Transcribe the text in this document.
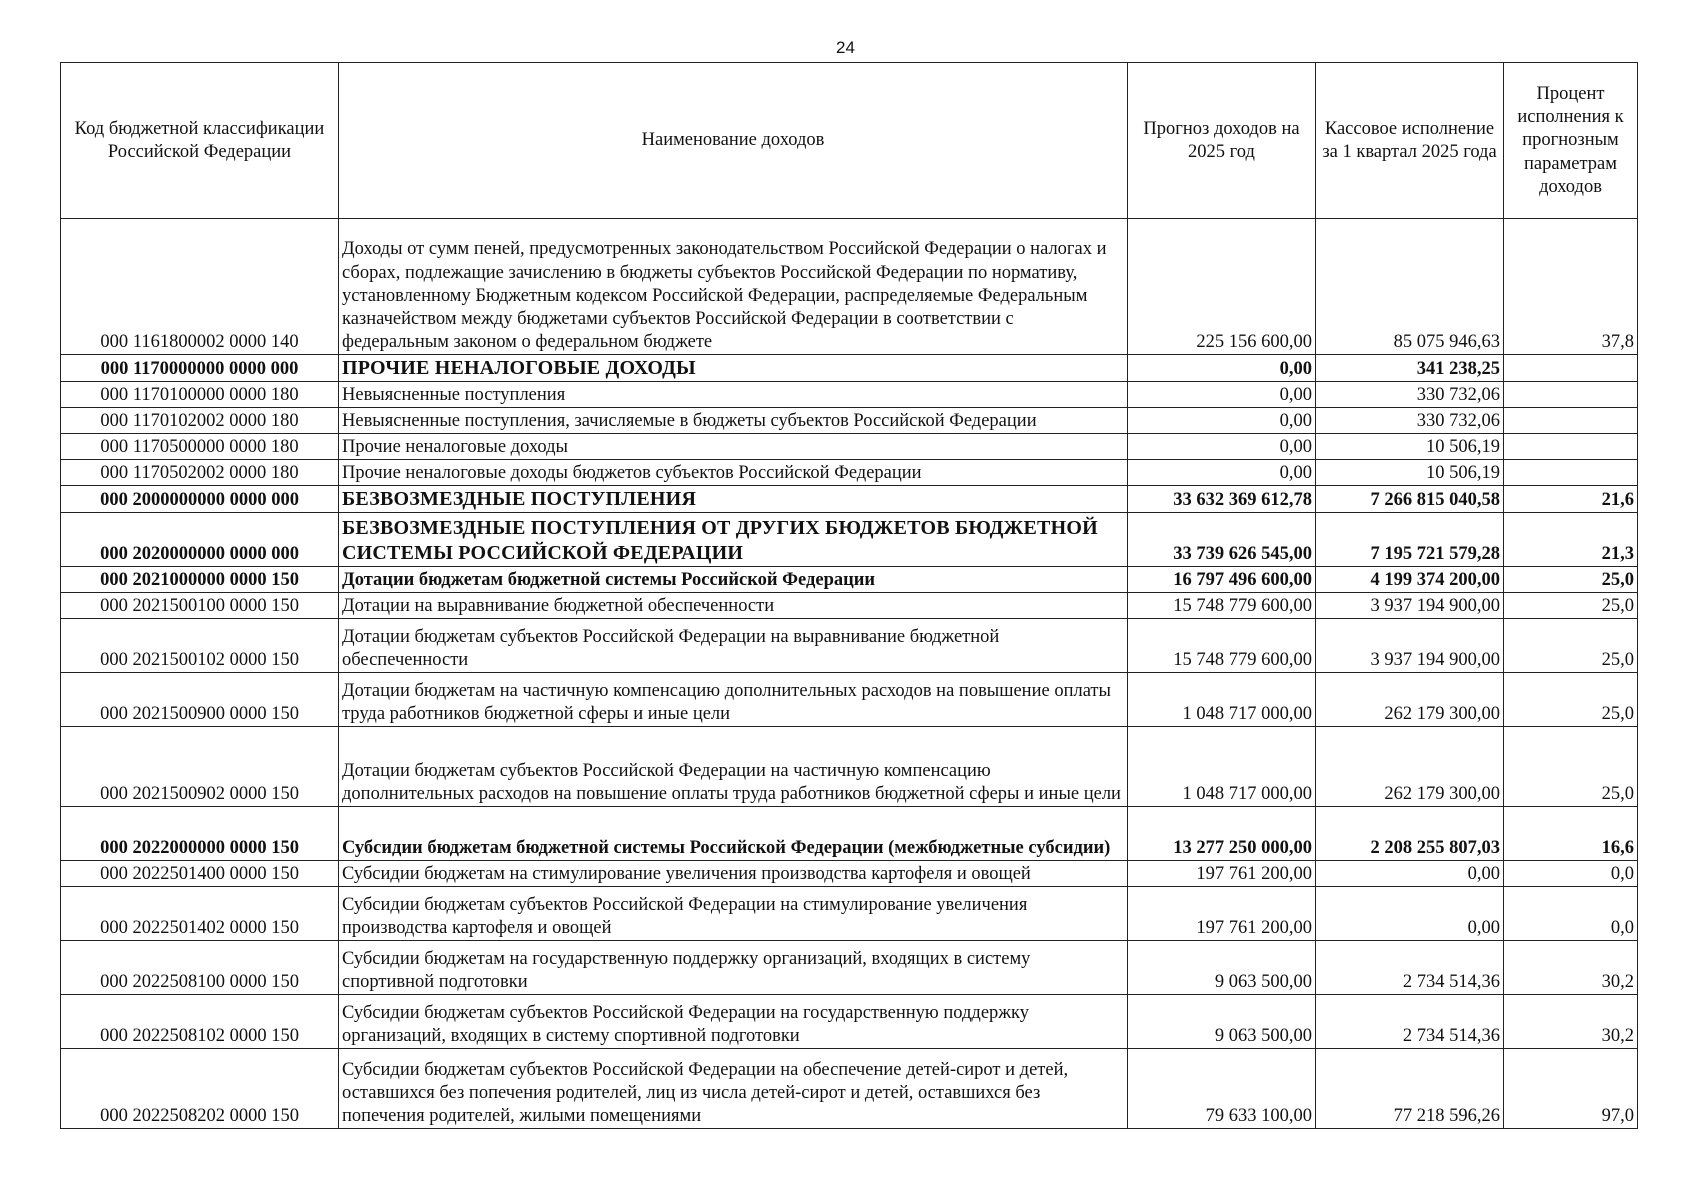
24
Код бюджетной классификации Российской Федерации	Наименование доходов	Прогноз доходов на 2025 год	Кассовое исполнение за 1 квартал 2025 года	Процент исполнения к прогнозным параметрам доходов
000 1161800002 0000 140	Доходы от сумм пеней, предусмотренных законодательством Российской Федерации о налогах и сборах, подлежащие зачислению в бюджеты субъектов Российской Федерации по нормативу, установленному Бюджетным кодексом Российской Федерации, распределяемые Федеральным казначейством между бюджетами субъектов Российской Федерации в соответствии с федеральным законом о федеральном бюджете	225 156 600,00	85 075 946,63	37,8
000 1170000000 0000 000	ПРОЧИЕ НЕНАЛОГОВЫЕ ДОХОДЫ	0,00	341 238,25	
000 1170100000 0000 180	Невыясненные поступления	0,00	330 732,06	
000 1170102002 0000 180	Невыясненные поступления, зачисляемые в бюджеты субъектов Российской Федерации	0,00	330 732,06	
000 1170500000 0000 180	Прочие неналоговые доходы	0,00	10 506,19	
000 1170502002 0000 180	Прочие неналоговые доходы бюджетов субъектов Российской Федерации	0,00	10 506,19	
000 2000000000 0000 000	БЕЗВОЗМЕЗДНЫЕ ПОСТУПЛЕНИЯ	33 632 369 612,78	7 266 815 040,58	21,6
000 2020000000 0000 000	БЕЗВОЗМЕЗДНЫЕ ПОСТУПЛЕНИЯ ОТ ДРУГИХ БЮДЖЕТОВ БЮДЖЕТНОЙ СИСТЕМЫ РОССИЙСКОЙ ФЕДЕРАЦИИ	33 739 626 545,00	7 195 721 579,28	21,3
000 2021000000 0000 150	Дотации бюджетам бюджетной системы Российской Федерации	16 797 496 600,00	4 199 374 200,00	25,0
000 2021500100 0000 150	Дотации на выравнивание бюджетной обеспеченности	15 748 779 600,00	3 937 194 900,00	25,0
000 2021500102 0000 150	Дотации бюджетам субъектов Российской Федерации на выравнивание бюджетной обеспеченности	15 748 779 600,00	3 937 194 900,00	25,0
000 2021500900 0000 150	Дотации бюджетам на частичную компенсацию дополнительных расходов на повышение оплаты труда работников бюджетной сферы и иные цели	1 048 717 000,00	262 179 300,00	25,0
000 2021500902 0000 150	Дотации бюджетам субъектов Российской Федерации на частичную компенсацию дополнительных расходов на повышение оплаты труда работников бюджетной сферы и иные цели	1 048 717 000,00	262 179 300,00	25,0
000 2022000000 0000 150	Субсидии бюджетам бюджетной системы Российской Федерации (межбюджетные субсидии)	13 277 250 000,00	2 208 255 807,03	16,6
000 2022501400 0000 150	Субсидии бюджетам на стимулирование увеличения производства картофеля и овощей	197 761 200,00	0,00	0,0
000 2022501402 0000 150	Субсидии бюджетам субъектов Российской Федерации на стимулирование увеличения производства картофеля и овощей	197 761 200,00	0,00	0,0
000 2022508100 0000 150	Субсидии бюджетам на государственную поддержку организаций, входящих в систему спортивной подготовки	9 063 500,00	2 734 514,36	30,2
000 2022508102 0000 150	Субсидии бюджетам субъектов Российской Федерации на государственную поддержку организаций, входящих в систему спортивной подготовки	9 063 500,00	2 734 514,36	30,2
000 2022508202 0000 150	Субсидии бюджетам субъектов Российской Федерации на обеспечение детей-сирот и детей, оставшихся без попечения родителей, лиц из числа детей-сирот и детей, оставшихся без попечения родителей, жилыми помещениями	79 633 100,00	77 218 596,26	97,0
